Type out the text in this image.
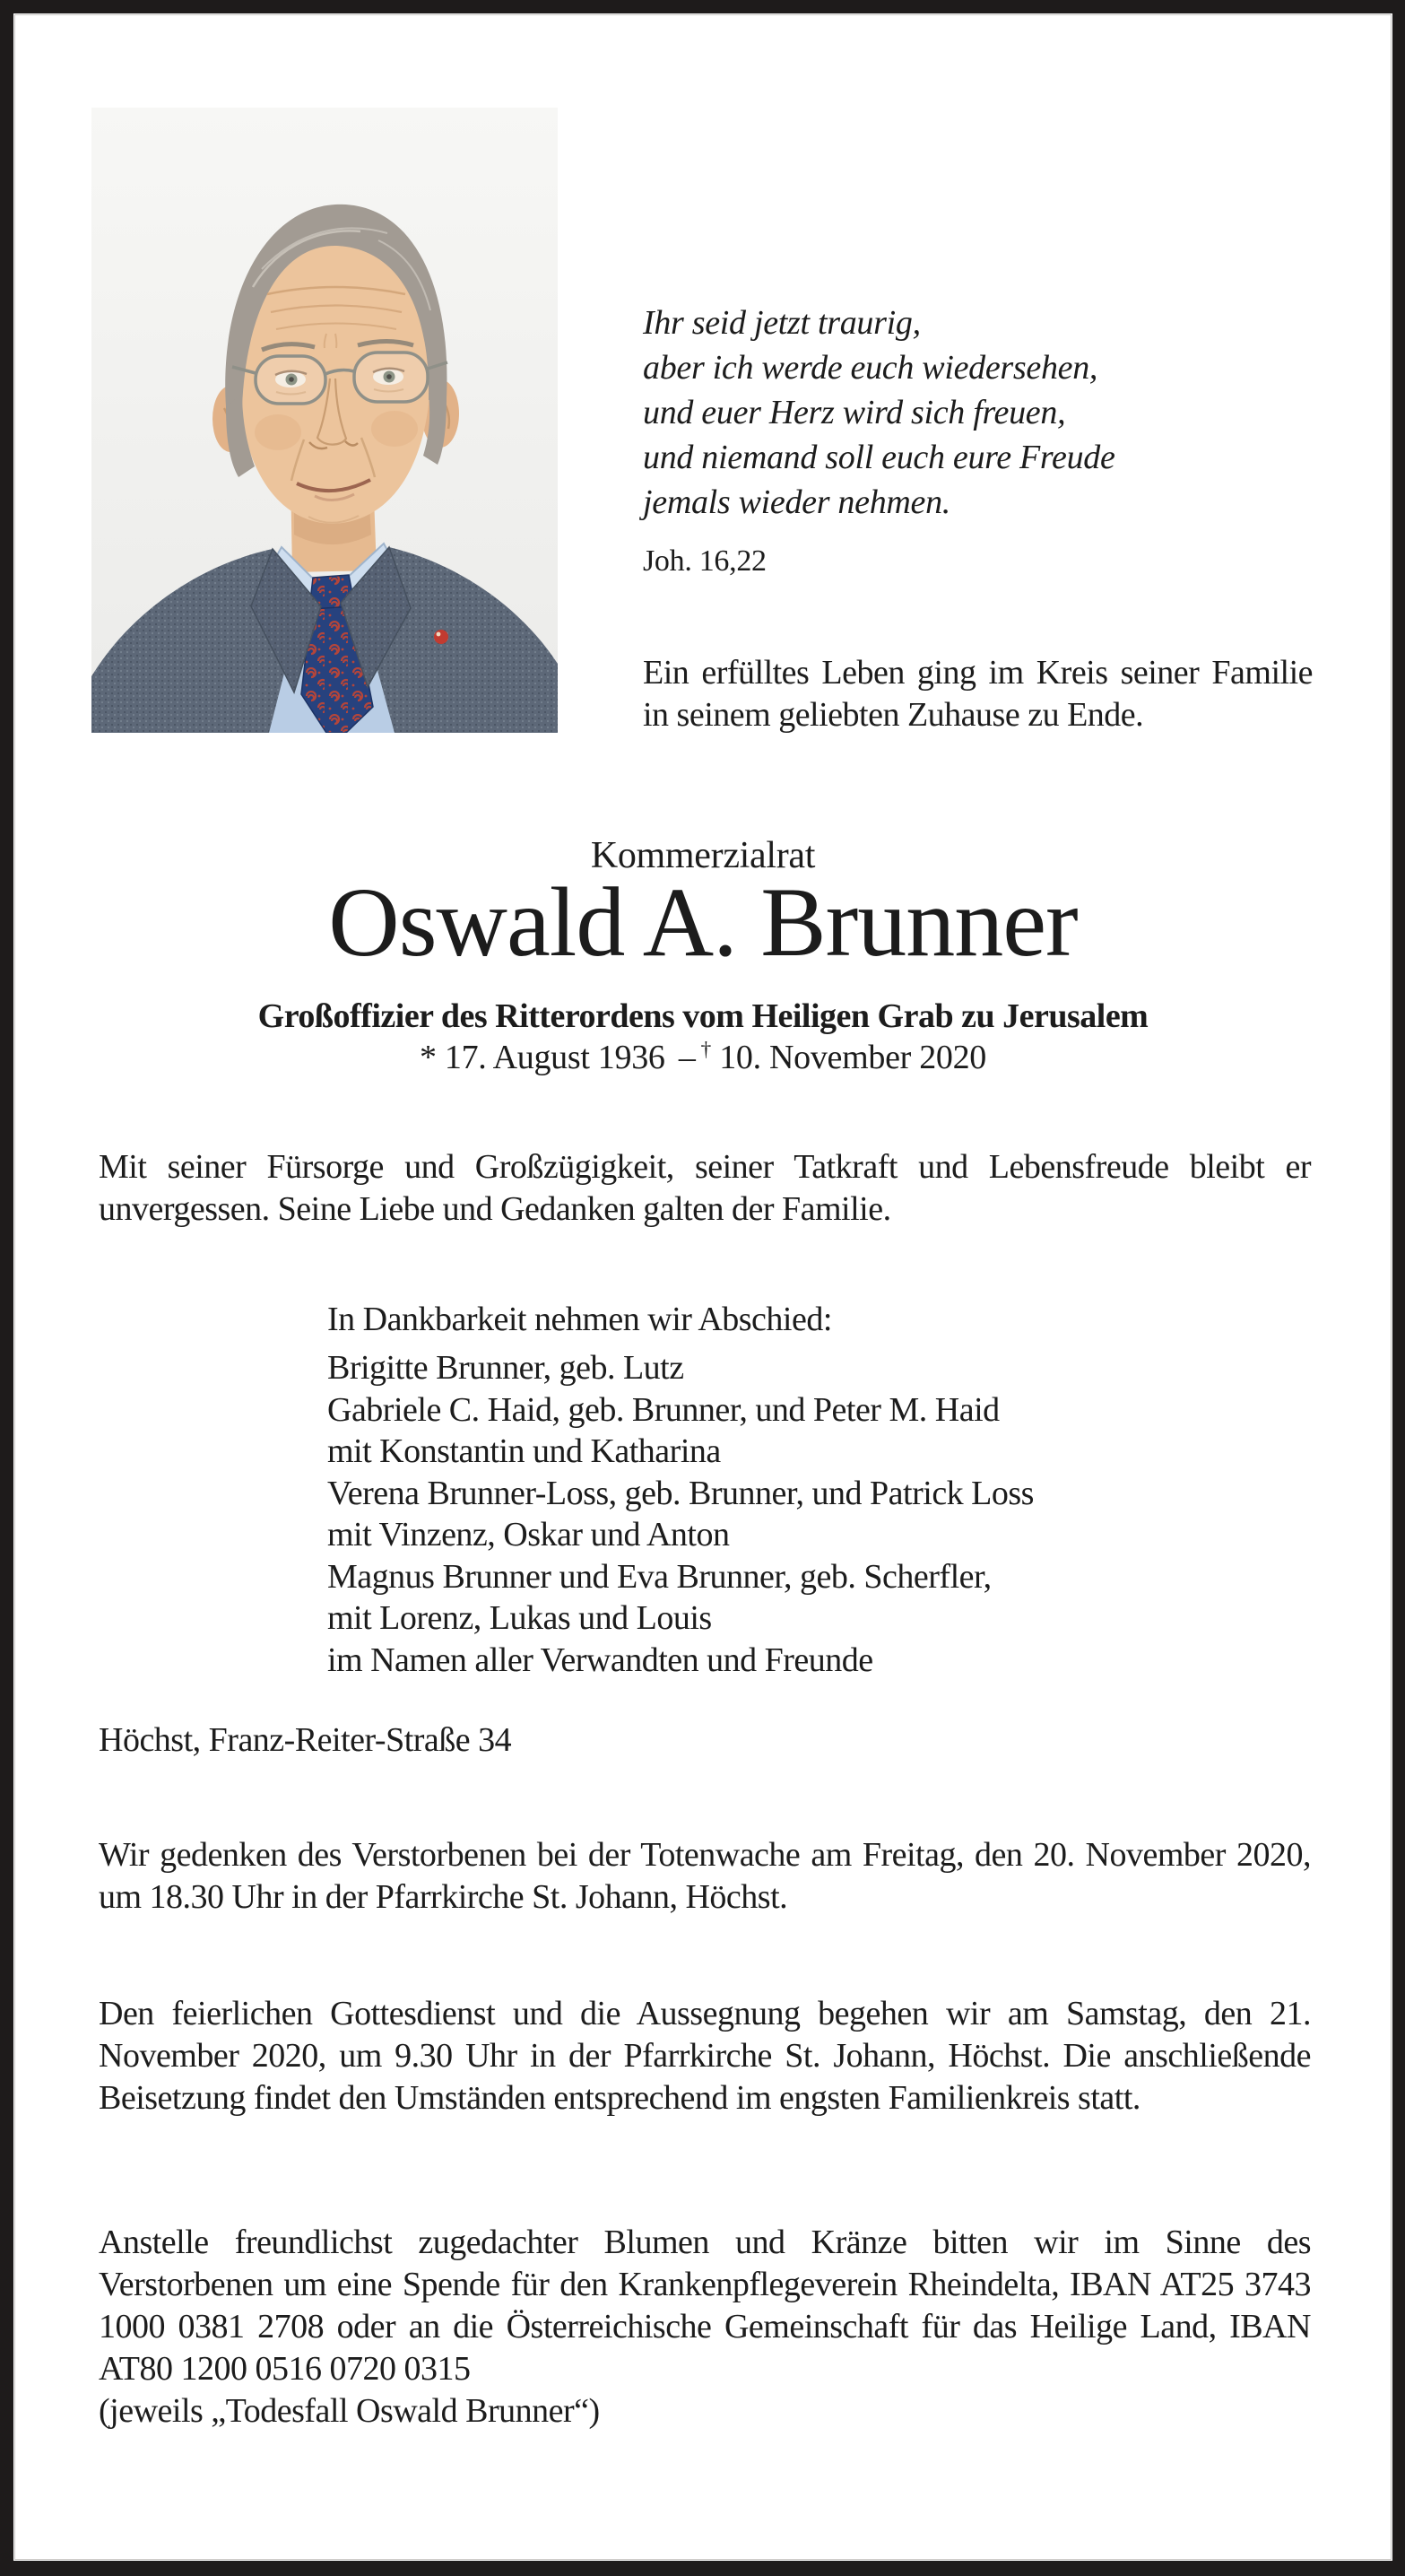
Ihr seid jetzt traurig,
aber ich werde euch wiedersehen,
und euer Herz wird sich freuen,
und niemand soll euch eure Freude
jemals wieder nehmen.
Joh. 16,22
Ein erfülltes Leben ging im Kreis seiner Familie in seinem geliebten Zuhause zu Ende.
Kommerzialrat
Oswald A. Brunner
Großoffizier des Ritterordens vom Heiligen Grab zu Jerusalem
* 17. August 1936 – † 10. November 2020
Mit seiner Fürsorge und Großzügigkeit, seiner Tatkraft und Lebensfreude bleibt er unvergessen. Seine Liebe und Gedanken galten der Familie.
In Dankbarkeit nehmen wir Abschied:
Brigitte Brunner, geb. Lutz
Gabriele C. Haid, geb. Brunner, und Peter M. Haid
mit Konstantin und Katharina
Verena Brunner-Loss, geb. Brunner, und Patrick Loss
mit Vinzenz, Oskar und Anton
Magnus Brunner und Eva Brunner, geb. Scherfler,
mit Lorenz, Lukas und Louis
im Namen aller Verwandten und Freunde
Höchst, Franz-Reiter-Straße 34
Wir gedenken des Verstorbenen bei der Totenwache am Freitag, den 20. November 2020, um 18.30 Uhr in der Pfarrkirche St. Johann, Höchst.
Den feierlichen Gottesdienst und die Aussegnung begehen wir am Samstag, den 21. November 2020, um 9.30 Uhr in der Pfarrkirche St. Johann, Höchst. Die anschließende Beisetzung findet den Umständen entsprechend im engsten Familienkreis statt.
Anstelle freundlichst zugedachter Blumen und Kränze bitten wir im Sinne des Verstorbenen um eine Spende für den Krankenpflegeverein Rheindelta, IBAN AT25 3743 1000 0381 2708 oder an die Österreichische Gemeinschaft für das Heilige Land, IBAN AT80 1200 0516 0720 0315
(jeweils „Todesfall Oswald Brunner“)
